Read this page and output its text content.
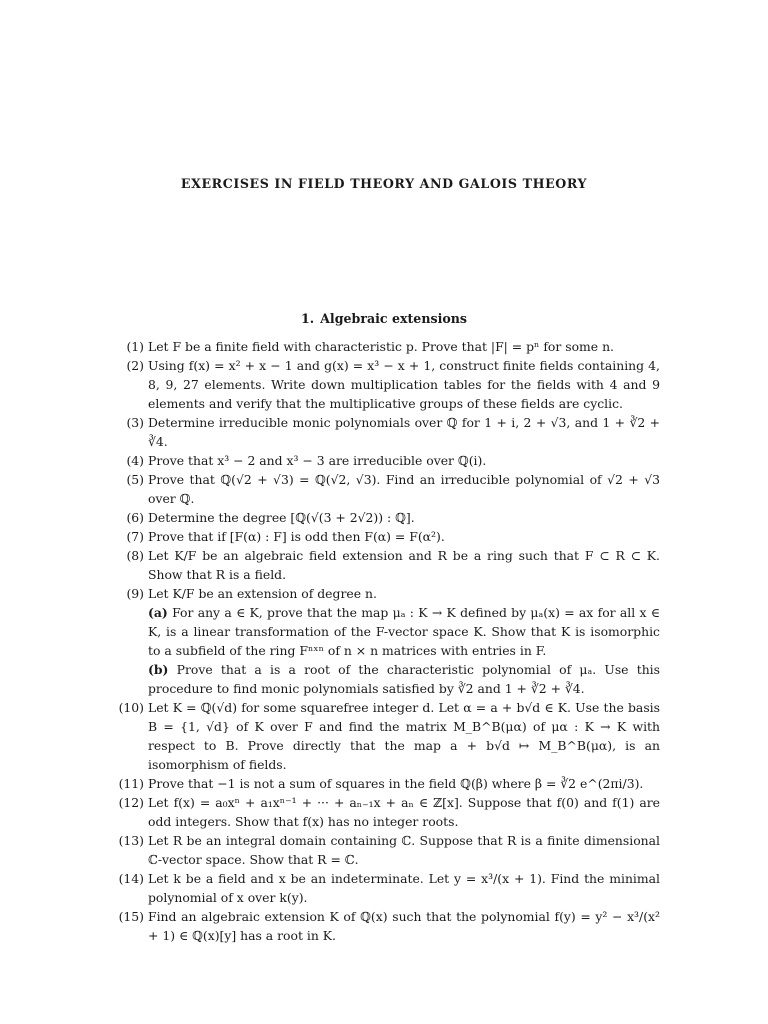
EXERCISES IN FIELD THEORY AND GALOIS THEORY
1. Algebraic extensions
(1) Let F be a finite field with characteristic p. Prove that |F| = pⁿ for some n.
(2) Using f(x) = x² + x − 1 and g(x) = x³ − x + 1, construct finite fields containing 4, 8, 9, 27 elements. Write down multiplication tables for the fields with 4 and 9 elements and verify that the multiplicative groups of these fields are cyclic.
(3) Determine irreducible monic polynomials over ℚ for 1 + i, 2 + √3, and 1 + ∛2 + ∛4.
(4) Prove that x³ − 2 and x³ − 3 are irreducible over ℚ(i).
(5) Prove that ℚ(√2 + √3) = ℚ(√2, √3). Find an irreducible polynomial of √2 + √3 over ℚ.
(6) Determine the degree [ℚ(√(3 + 2√2)) : ℚ].
(7) Prove that if [F(α) : F] is odd then F(α) = F(α²).
(8) Let K/F be an algebraic field extension and R be a ring such that F ⊂ R ⊂ K. Show that R is a field.
(9) Let K/F be an extension of degree n.
(a) For any a ∈ K, prove that the map μₐ : K → K defined by μₐ(x) = ax for all x ∈ K, is a linear transformation of the F-vector space K. Show that K is isomorphic to a subfield of the ring Fⁿˣⁿ of n × n matrices with entries in F.
(b) Prove that a is a root of the characteristic polynomial of μₐ. Use this procedure to find monic polynomials satisfied by ∛2 and 1 + ∛2 + ∛4.
(10) Let K = ℚ(√d) for some squarefree integer d. Let α = a + b√d ∈ K. Use the basis B = {1, √d} of K over F and find the matrix M_B^B(μα) of μα : K → K with respect to B. Prove directly that the map a + b√d ↦ M_B^B(μα), is an isomorphism of fields.
(11) Prove that −1 is not a sum of squares in the field ℚ(β) where β = ∛2 e^(2πi/3).
(12) Let f(x) = a₀xⁿ + a₁xⁿ⁻¹ + ··· + aₙ₋₁x + aₙ ∈ ℤ[x]. Suppose that f(0) and f(1) are odd integers. Show that f(x) has no integer roots.
(13) Let R be an integral domain containing ℂ. Suppose that R is a finite dimensional ℂ-vector space. Show that R = ℂ.
(14) Let k be a field and x be an indeterminate. Let y = x³/(x + 1). Find the minimal polynomial of x over k(y).
(15) Find an algebraic extension K of ℚ(x) such that the polynomial f(y) = y² − x³/(x² + 1) ∈ ℚ(x)[y] has a root in K.
